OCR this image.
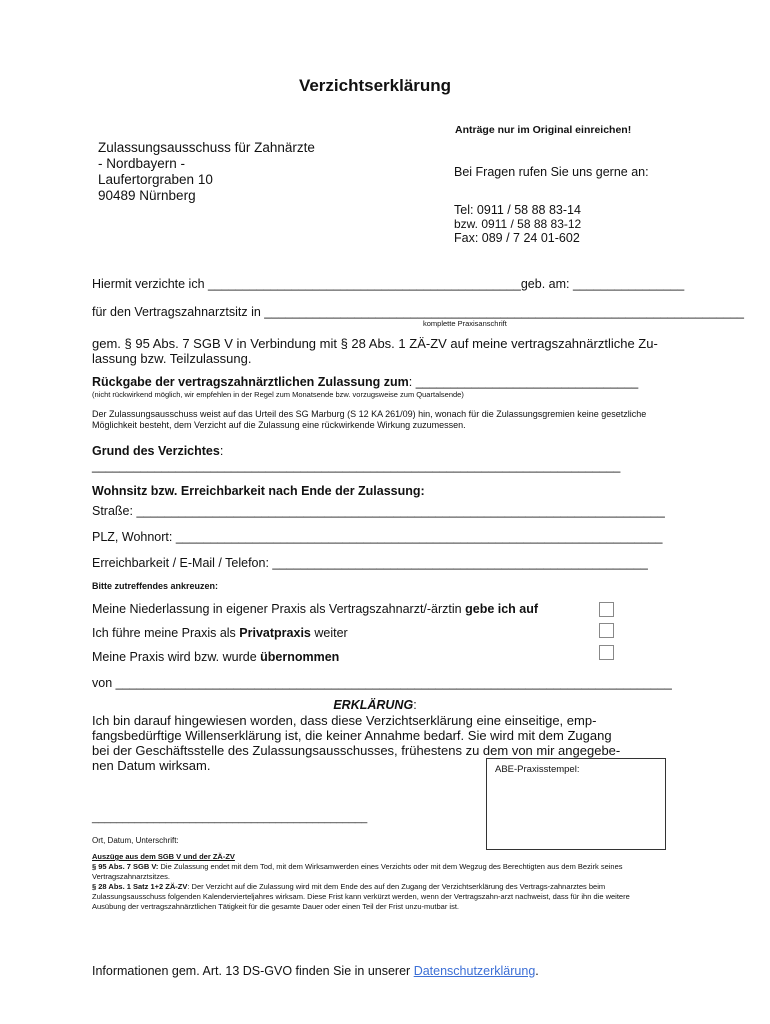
Verzichtserklärung
Anträge nur im Original einreichen!
Zulassungsausschuss für Zahnärzte
- Nordbayern -
Laufertorgraben 10
90489 Nürnberg
Bei Fragen rufen Sie uns gerne an:
Tel: 0911 / 58 88 83-14
bzw. 0911 / 58 88 83-12
Fax: 089 / 7 24 01-602
Hiermit verzichte ich _____________________________________________geb. am: ________________
für den Vertragszahnarztsitz in _____________________________________________________________________
komplette Praxisanschrift
gem. § 95 Abs. 7 SGB V in Verbindung mit § 28 Abs. 1 ZÄ-ZV auf meine vertragszahnärztliche Zu-lassung bzw. Teilzulassung.
Rückgabe der vertragszahnärztlichen Zulassung zum: ________________________________
(nicht rückwirkend möglich, wir empfehlen in der Regel zum Monatsende bzw. vorzugsweise zum Quartalsende)
Der Zulassungsausschuss weist auf das Urteil des SG Marburg (S 12 KA 261/09) hin, wonach für die Zulassungsgremien keine gesetzliche Möglichkeit besteht, dem Verzicht auf die Zulassung eine rückwirkende Wirkung zuzumessen.
Grund des Verzichtes:
____________________________________________________________________________
Wohnsitz bzw. Erreichbarkeit nach Ende der Zulassung:
Straße: ____________________________________________________________________________
PLZ, Wohnort: ______________________________________________________________________
Erreichbarkeit / E-Mail / Telefon: ______________________________________________________
Bitte zutreffendes ankreuzen:
Meine Niederlassung in eigener Praxis als Vertragszahnarzt/-ärztin gebe ich auf
Ich führe meine Praxis als Privatpraxis weiter
Meine Praxis wird bzw. wurde übernommen
von ________________________________________________________________________________
ERKLÄRUNG:
Ich bin darauf hingewiesen worden, dass diese Verzichtserklärung eine einseitige, emp-
fangsbedürftige Willenserklärung ist, die keiner Annahme bedarf. Sie wird mit dem Zugang
bei der Geschäftsstelle des Zulassungsausschusses, frühestens zu dem von mir angegebe-
nen Datum wirksam.	ABE-Praxisstempel:
_____________________________________________
Ort, Datum, Unterschrift:
Auszüge aus dem SGB V und der ZÄ-ZV
§ 95 Abs. 7 SGB V: Die Zulassung endet mit dem Tod, mit dem Wirksamwerden eines Verzichts oder mit dem Wegzug des Berechtigten aus dem Bezirk seines Vertragszahnarztsitzes.
§ 28 Abs. 1 Satz 1+2 ZÄ-ZV: Der Verzicht auf die Zulassung wird mit dem Ende des auf den Zugang der Verzichtserklärung des Vertrags-zahnarztes beim Zulassungsausschuss folgenden Kalendervierteljahres wirksam. Diese Frist kann verkürzt werden, wenn der Vertragszahn-arzt nachweist, dass für ihn die weitere Ausübung der vertragszahnärztlichen Tätigkeit für die gesamte Dauer oder einen Teil der Frist unzu-mutbar ist.
Informationen gem. Art. 13 DS-GVO finden Sie in unserer Datenschutzerklärung.
